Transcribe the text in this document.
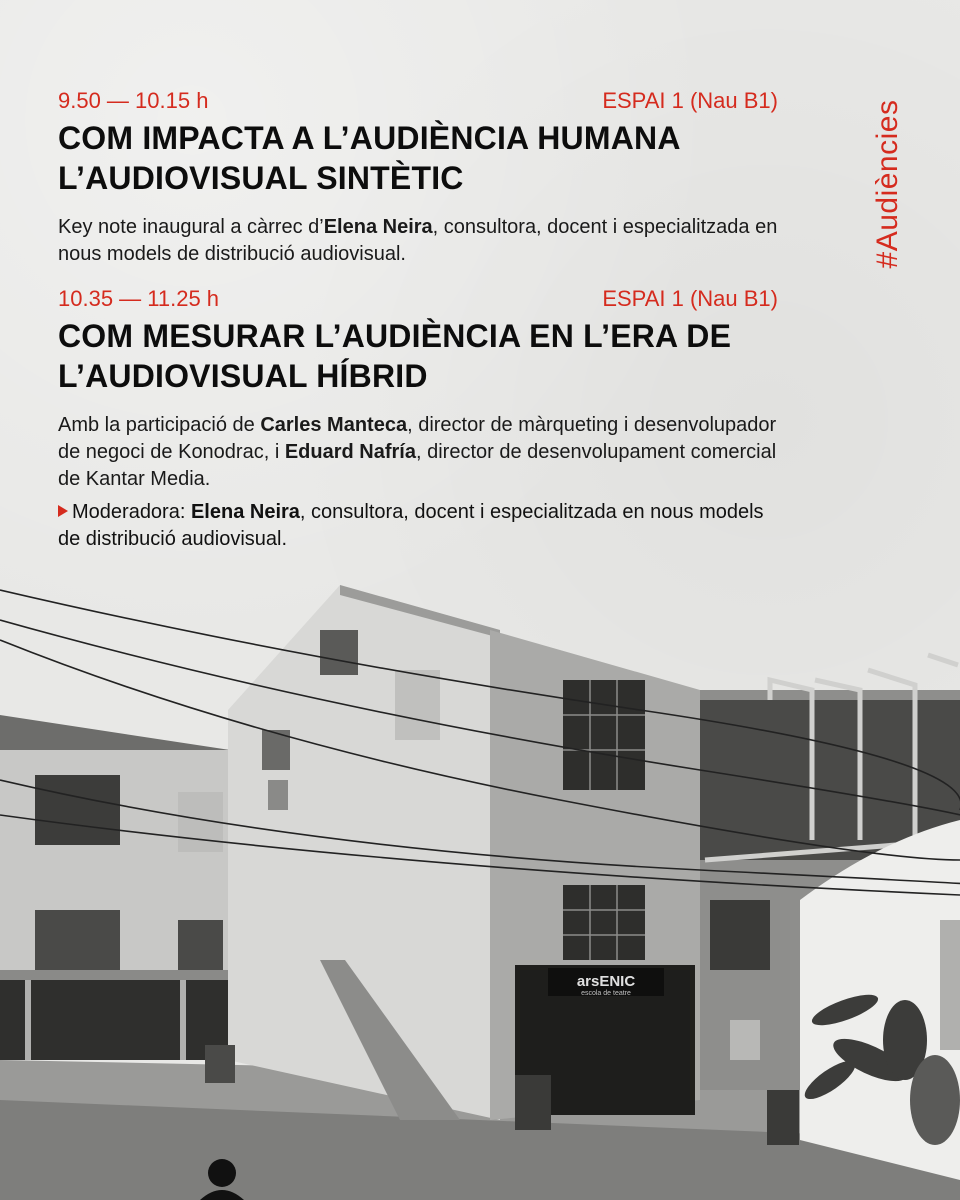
9.50 — 10.15 h	ESPAI 1 (Nau B1)
COM IMPACTA A L’AUDIÈNCIA HUMANA
L’AUDIOVISUAL SINTÈTIC
Key note inaugural a càrrec d’Elena Neira, consultora, docent i especialitzada en nous models de distribució audiovisual.
10.35 — 11.25 h	ESPAI 1 (Nau B1)
COM MESURAR L’AUDIÈNCIA EN L’ERA DE
L’AUDIOVISUAL HÍBRID
Amb la participació de Carles Manteca, director de màrqueting i desenvolupador de negoci de Konodrac, i Eduard Nafría, director de desenvolupament comercial de Kantar Media.
Moderadora: Elena Neira, consultora, docent i especialitzada en nous models de distribució audiovisual.
#Audiències
arsENIC
escola de teatre
